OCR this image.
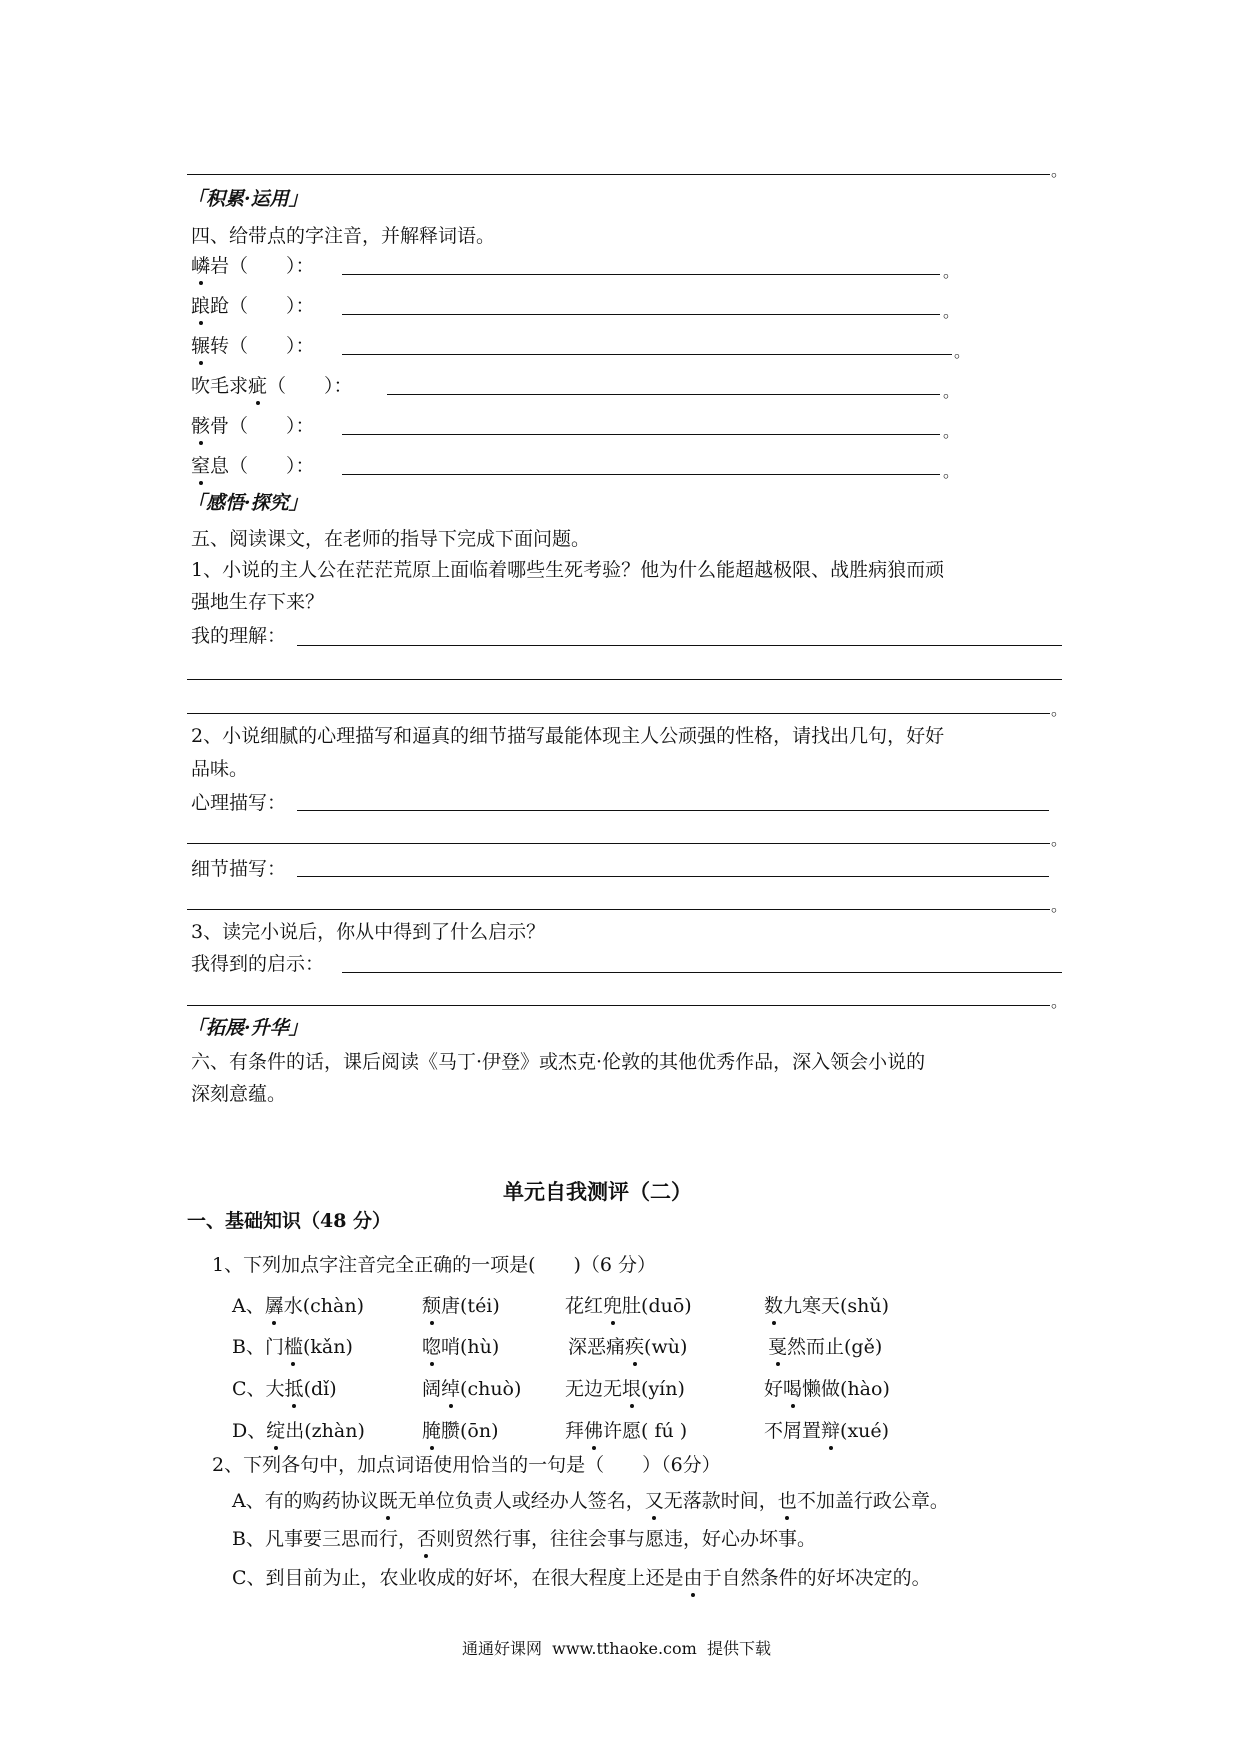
。
「积累·运用」
四、给带点的字注音，并解释词语。
嶙岩（　　）：	。
踉跄（　　）：	。
辗转（　　）：	。
吹毛求疵（　　）：	。
骸骨（　　）：	。
窒息（　　）：	。
「感悟·探究」
五、阅读课文，在老师的指导下完成下面问题。
1、小说的主人公在茫茫荒原上面临着哪些生死考验？他为什么能超越极限、战胜病狼而顽
强地生存下来？
我的理解：
。
2、小说细腻的心理描写和逼真的细节描写最能体现主人公顽强的性格，请找出几句，好好
品味。
心理描写：
。
细节描写：
。
3、读完小说后，你从中得到了什么启示？
我得到的启示：
。
「拓展·升华」
六、有条件的话，课后阅读《马丁·伊登》或杰克·伦敦的其他优秀作品，深入领会小说的
深刻意蕴。
单元自我测评（二）
一、基础知识（48 分）
1、下列加点字注音完全正确的一项是(　　)（6 分）
A、羼水(chàn)	颓唐(téi)	花红兜肚(duō)	数九寒天(shǔ)
B、门槛(kǎn)	唿哨(hù)	深恶痛疾(wù)	戛然而止(gě)
C、大抵(dǐ)	阔绰(chuò) 无边无垠(yín)	好喝懒做(hào)
D、绽出(zhàn)	腌臜(ōn)	拜佛许愿( fú )	不屑置辩(xué)
2、下列各句中，加点词语使用恰当的一句是（　　）（6分）
A、有的购药协议既无单位负责人或经办人签名，又无落款时间，也不加盖行政公章。
B、凡事要三思而行，否则贸然行事，往往会事与愿违，好心办坏事。
C、到目前为止，农业收成的好坏，在很大程度上还是由于自然条件的好坏决定的。
通通好课网  www.tthaoke.com  提供下载
